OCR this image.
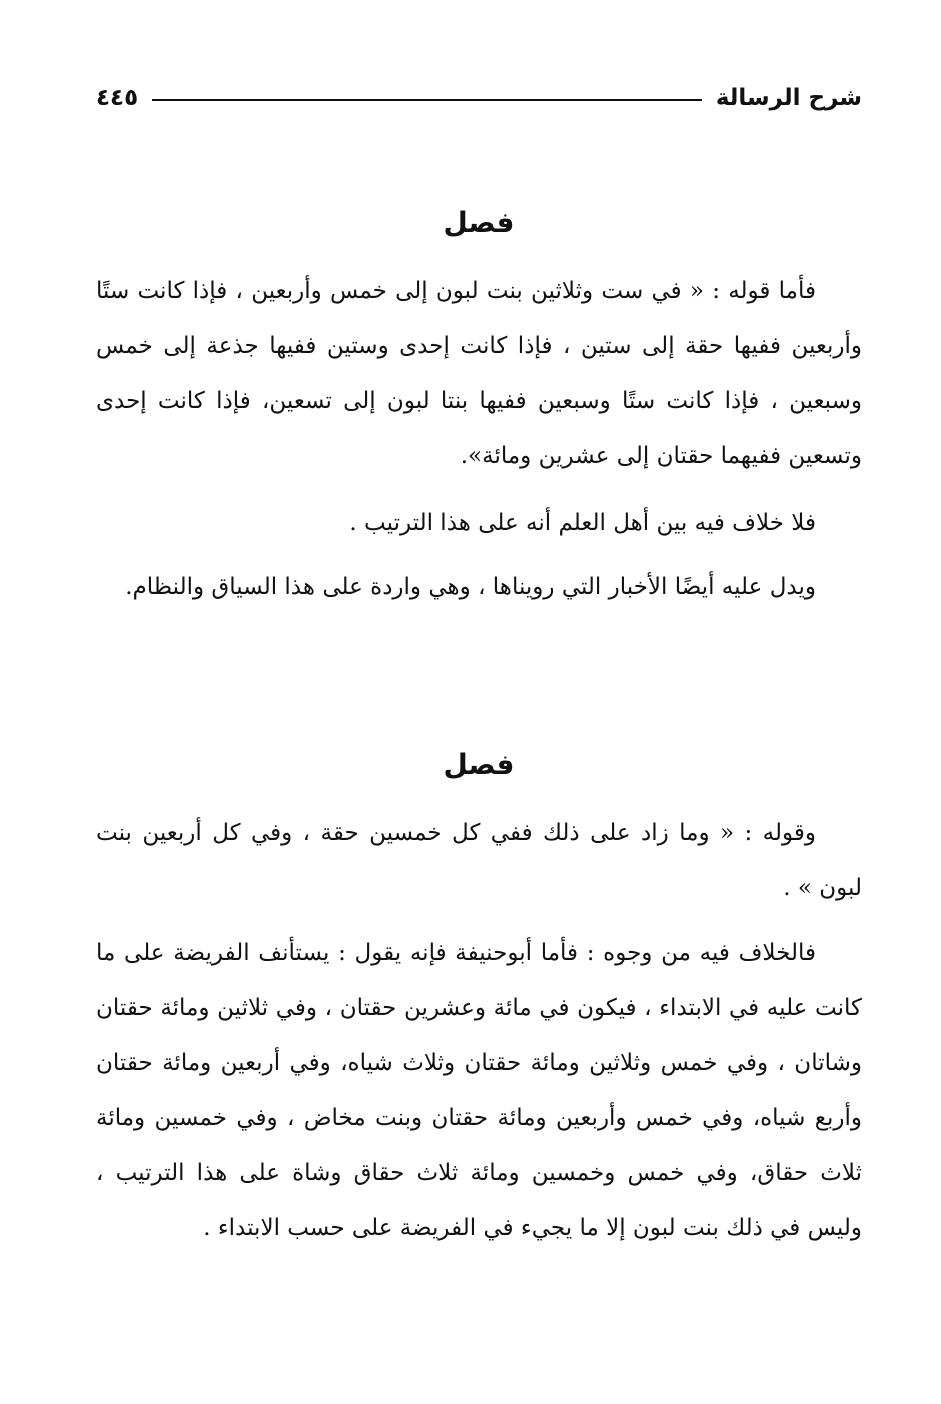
شرح الرسالة
٤٤٥
فصل

فأما قوله : « في ست وثلاثين بنت لبون إلى خمس وأربعين ، فإذا كانت ستًا وأربعين ففيها حقة إلى ستين ، فإذا كانت إحدى وستين ففيها جذعة إلى خمس وسبعين ، فإذا كانت ستًا وسبعين ففيها بنتا لبون إلى تسعين، فإذا كانت إحدى وتسعين ففيهما حقتان إلى عشرين ومائة».

فلا خلاف فيه بين أهل العلم أنه على هذا الترتيب .

ويدل عليه أيضًا الأخبار التي رويناها ، وهي واردة على هذا السياق والنظام.

فصل

وقوله : « وما زاد على ذلك ففي كل خمسين حقة ، وفي كل أربعين بنت لبون » .

فالخلاف فيه من وجوه : فأما أبوحنيفة فإنه يقول : يستأنف الفريضة على ما كانت عليه في الابتداء ، فيكون في مائة وعشرين حقتان ، وفي ثلاثين ومائة حقتان وشاتان ، وفي خمس وثلاثين ومائة حقتان وثلاث شياه، وفي أربعين ومائة حقتان وأربع شياه، وفي خمس وأربعين ومائة حقتان وبنت مخاض ، وفي خمسين ومائة ثلاث حقاق، وفي خمس وخمسين ومائة ثلاث حقاق وشاة على هذا الترتيب ، وليس في ذلك بنت لبون إلا ما يجيء في الفريضة على حسب الابتداء .
